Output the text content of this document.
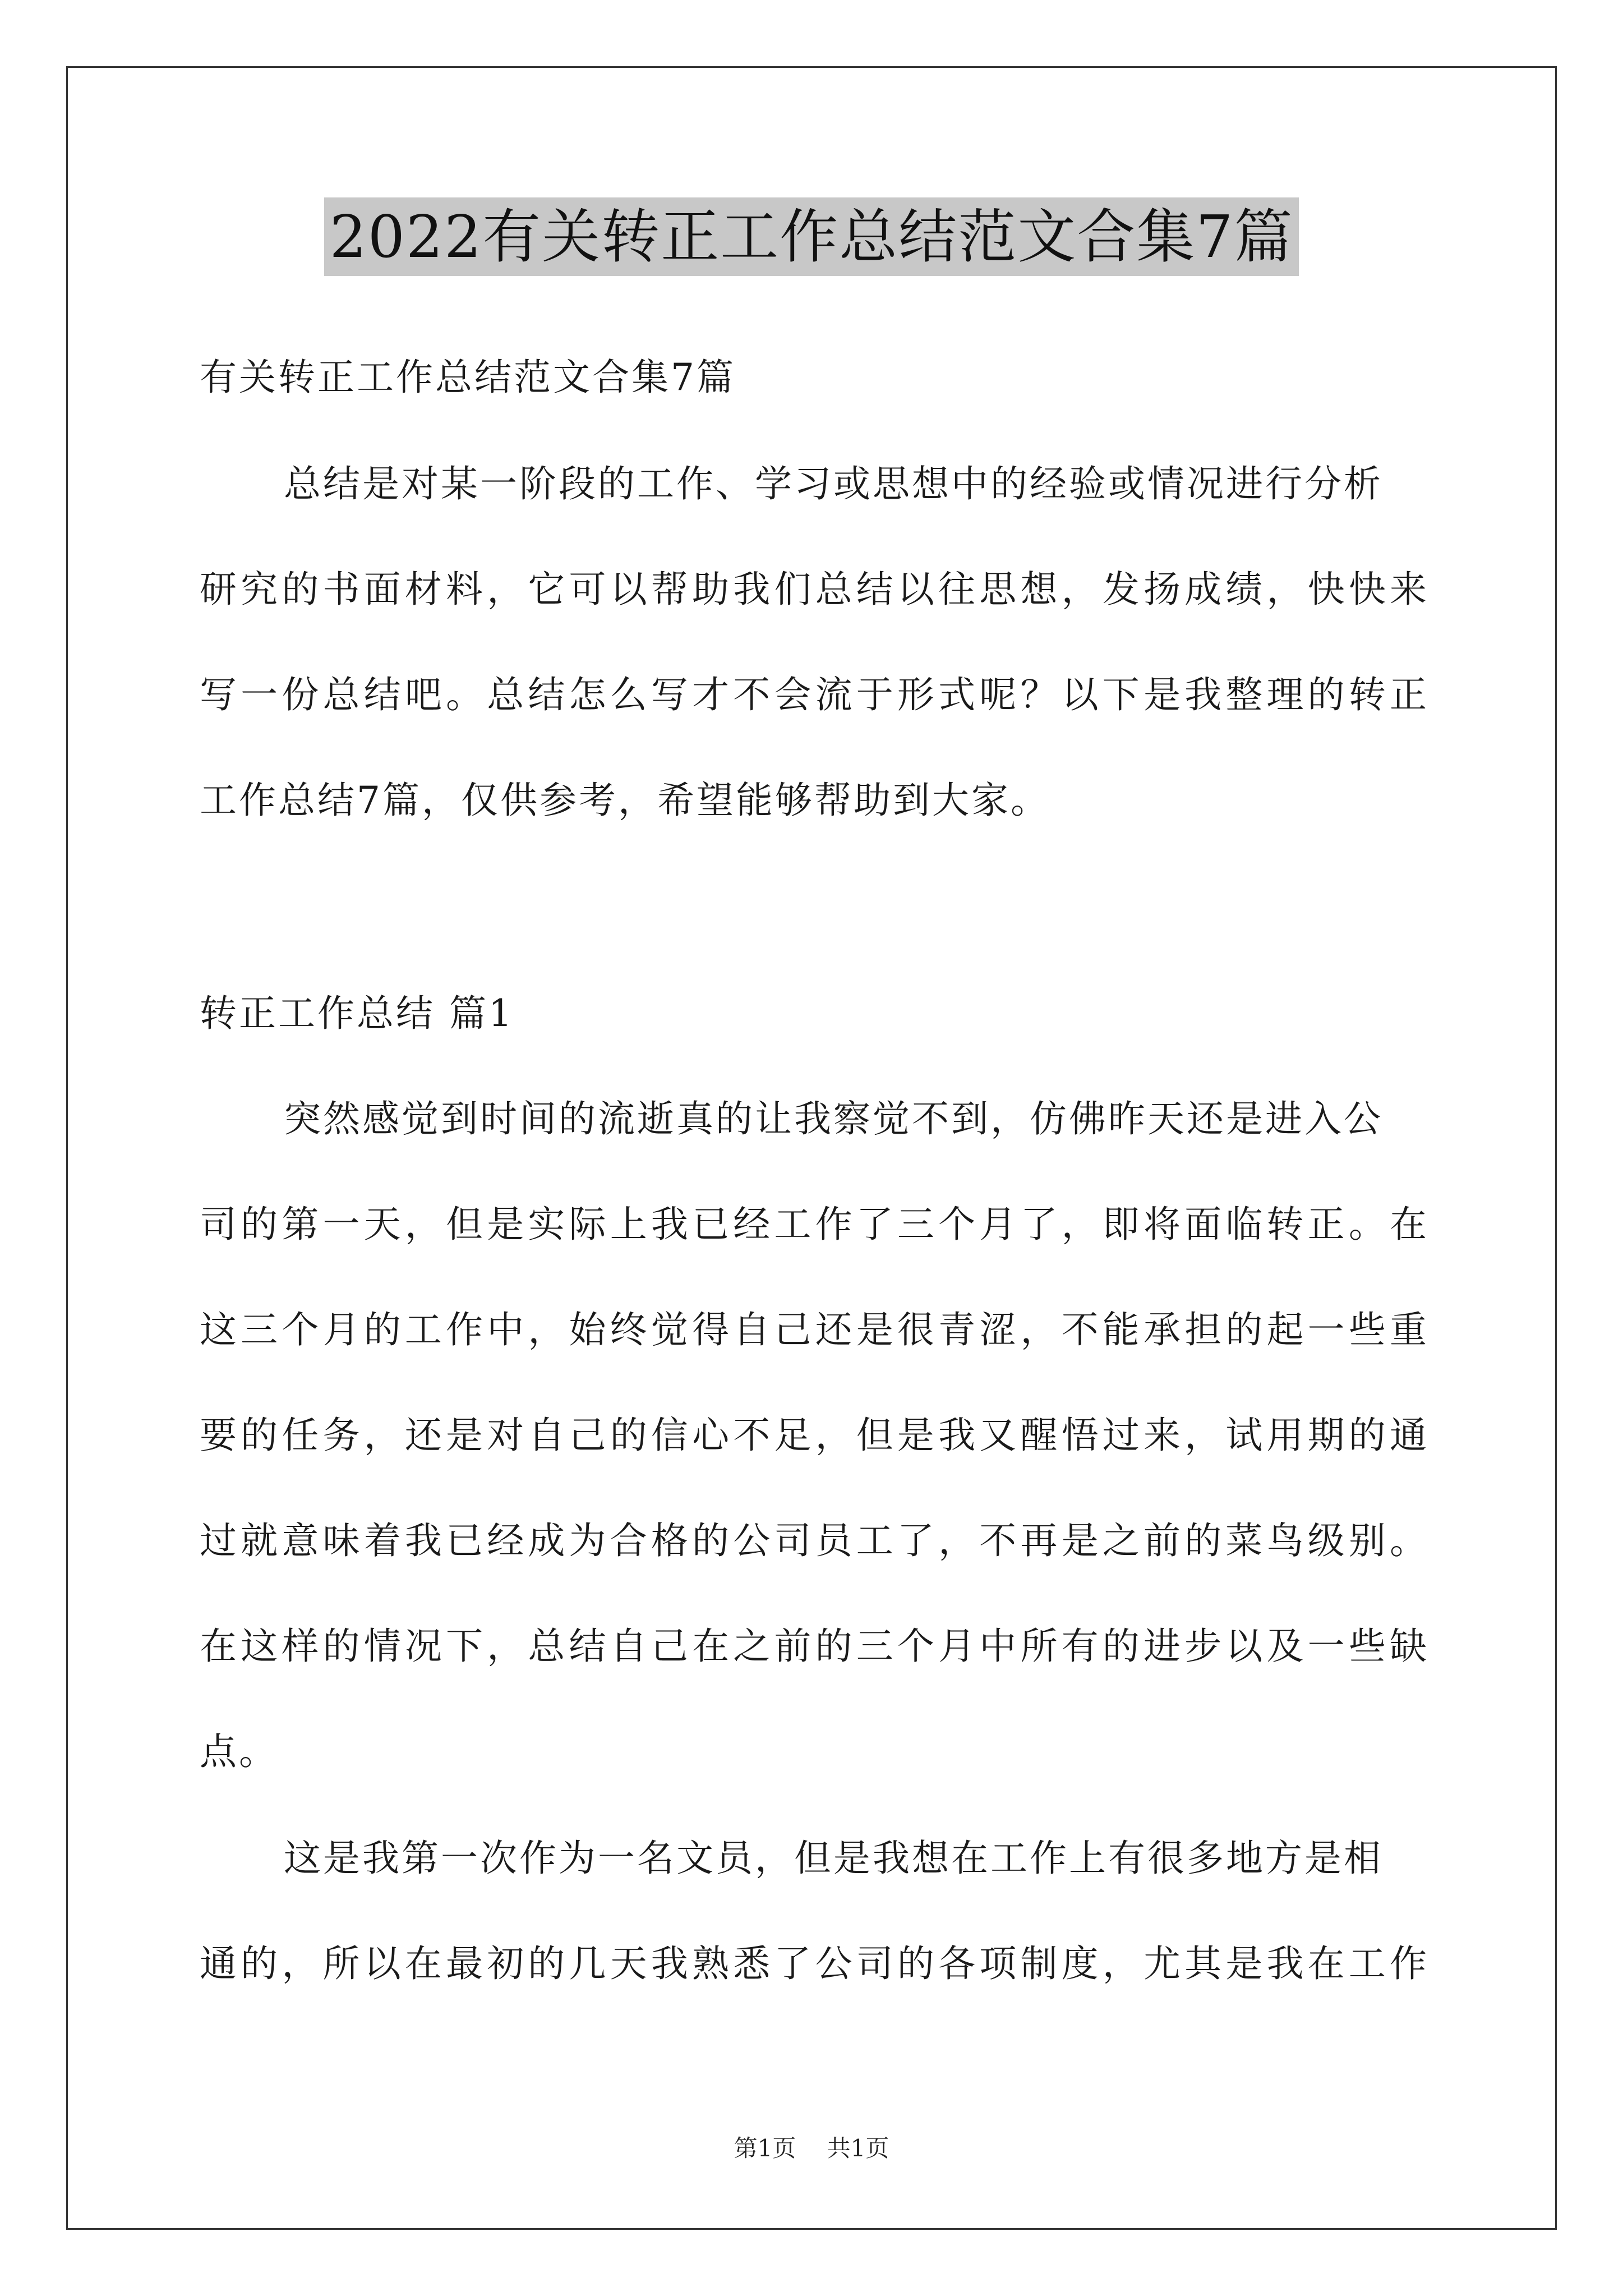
2022有关转正工作总结范文合集7篇
有关转正工作总结范文合集7篇
总结是对某一阶段的工作、学习或思想中的经验或情况进行分析
研究的书面材料，它可以帮助我们总结以往思想，发扬成绩，快快来
写一份总结吧。总结怎么写才不会流于形式呢？以下是我整理的转正
工作总结7篇，仅供参考，希望能够帮助到大家。
转正工作总结 篇1
突然感觉到时间的流逝真的让我察觉不到，仿佛昨天还是进入公
司的第一天，但是实际上我已经工作了三个月了，即将面临转正。在
这三个月的工作中，始终觉得自己还是很青涩，不能承担的起一些重
要的任务，还是对自己的信心不足，但是我又醒悟过来，试用期的通
过就意味着我已经成为合格的公司员工了，不再是之前的菜鸟级别。
在这样的情况下，总结自己在之前的三个月中所有的进步以及一些缺
点。
这是我第一次作为一名文员，但是我想在工作上有很多地方是相
通的，所以在最初的几天我熟悉了公司的各项制度，尤其是我在工作
第1页 共1页
